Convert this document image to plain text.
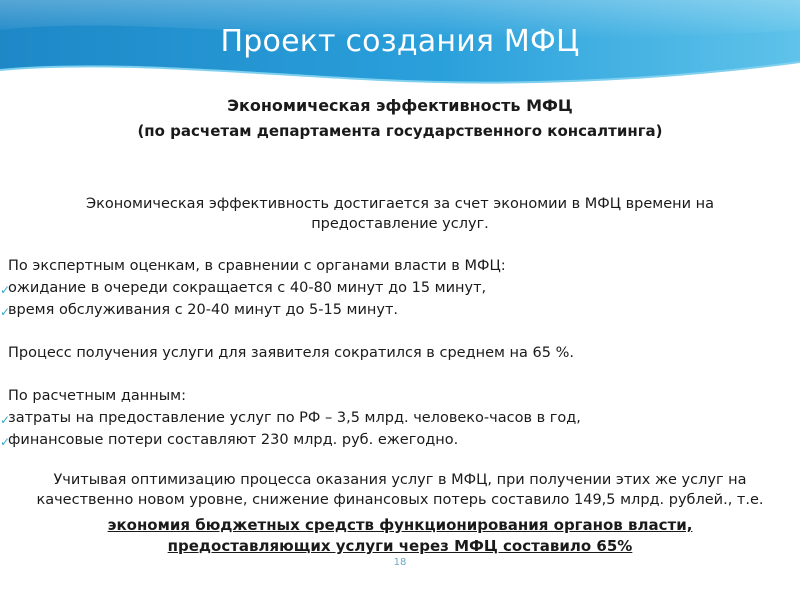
Проект создания МФЦ
Экономическая эффективность МФЦ
(по расчетам департамента государственного консалтинга)
Экономическая эффективность достигается за счет экономии в МФЦ времени на
предоставление услуг.
По экспертным оценкам, в сравнении с органами власти в МФЦ:
✓
ожидание в очереди сокращается с 40-80 минут до 15 минут,
✓
время обслуживания с 20-40 минут до 5-15 минут.
Процесс получения услуги для заявителя сократился в среднем на 65 %.
По расчетным данным:
✓
затраты на предоставление услуг по РФ – 3,5 млрд. человеко-часов в год,
✓
финансовые потери составляют 230 млрд. руб. ежегодно.
Учитывая оптимизацию процесса оказания услуг в МФЦ, при получении этих же услуг на
качественно новом уровне, снижение финансовых потерь составило 149,5 млрд. рублей., т.е.
экономия бюджетных средств функционирования органов власти,
предоставляющих услуги через МФЦ составило 65%
18
